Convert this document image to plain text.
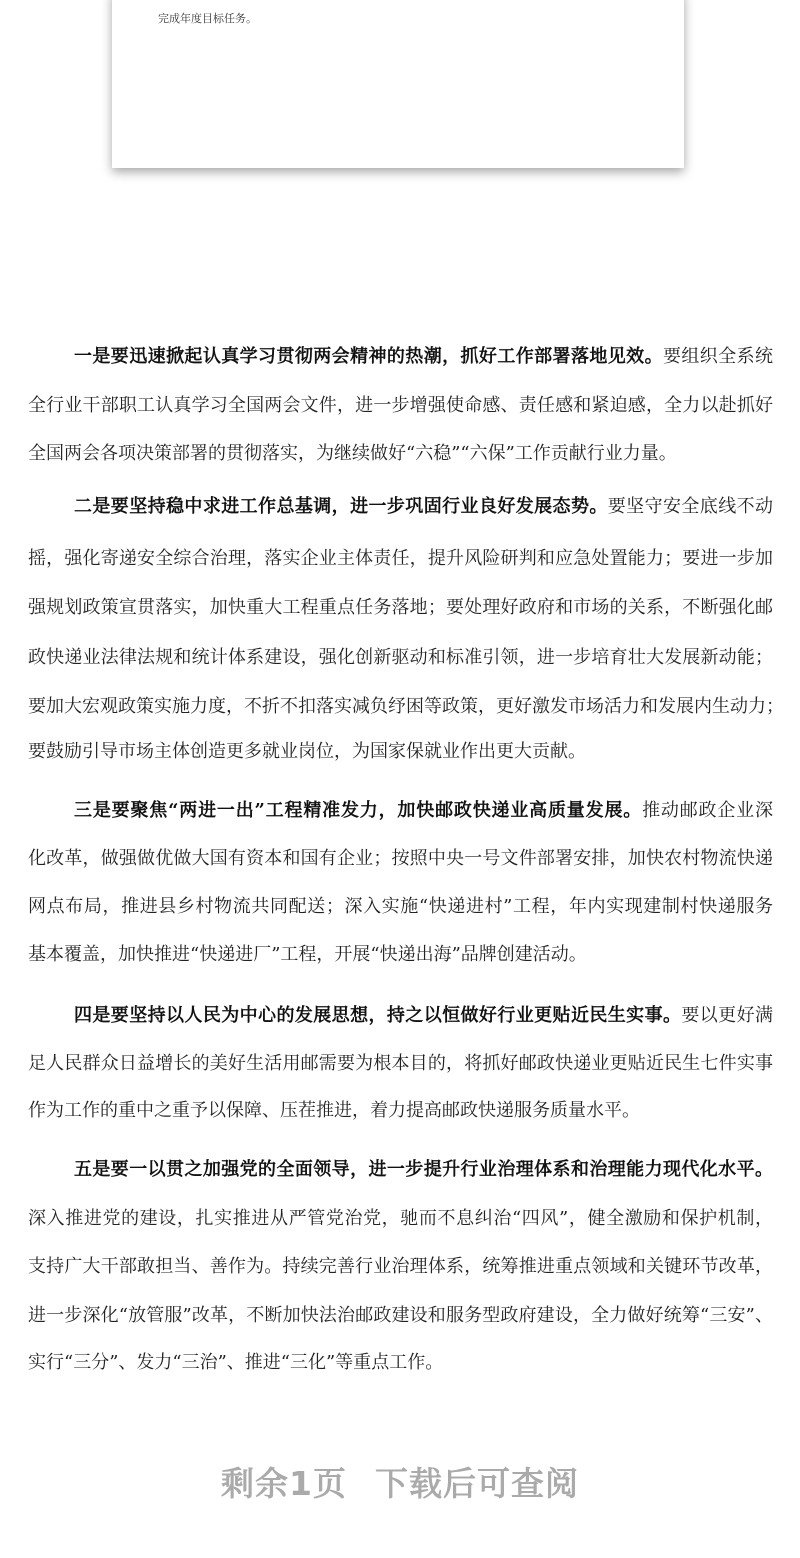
完成年度目标任务。
一是要迅速掀起认真学习贯彻两会精神的热潮，抓好工作部署落地见效。要组织全系统
全行业干部职工认真学习全国两会文件，进一步增强使命感、责任感和紧迫感，全力以赴抓好
全国两会各项决策部署的贯彻落实，为继续做好“六稳”“六保”工作贡献行业力量。
二是要坚持稳中求进工作总基调，进一步巩固行业良好发展态势。要坚守安全底线不动
摇，强化寄递安全综合治理，落实企业主体责任，提升风险研判和应急处置能力；要进一步加
强规划政策宣贯落实，加快重大工程重点任务落地；要处理好政府和市场的关系，不断强化邮
政快递业法律法规和统计体系建设，强化创新驱动和标准引领，进一步培育壮大发展新动能；
要加大宏观政策实施力度，不折不扣落实减负纾困等政策，更好激发市场活力和发展内生动力；
要鼓励引导市场主体创造更多就业岗位，为国家保就业作出更大贡献。
三是要聚焦“两进一出”工程精准发力，加快邮政快递业高质量发展。推动邮政企业深
化改革，做强做优做大国有资本和国有企业；按照中央一号文件部署安排，加快农村物流快递
网点布局，推进县乡村物流共同配送；深入实施“快递进村”工程，年内实现建制村快递服务
基本覆盖，加快推进“快递进厂”工程，开展“快递出海”品牌创建活动。
四是要坚持以人民为中心的发展思想，持之以恒做好行业更贴近民生实事。要以更好满
足人民群众日益增长的美好生活用邮需要为根本目的，将抓好邮政快递业更贴近民生七件实事
作为工作的重中之重予以保障、压茬推进，着力提高邮政快递服务质量水平。
五是要一以贯之加强党的全面领导，进一步提升行业治理体系和治理能力现代化水平。
深入推进党的建设，扎实推进从严管党治党，驰而不息纠治“四风”，健全激励和保护机制，
支持广大干部敢担当、善作为。持续完善行业治理体系，统筹推进重点领域和关键环节改革，
进一步深化“放管服”改革，不断加快法治邮政建设和服务型政府建设，全力做好统筹“三安”、
实行“三分”、发力“三治”、推进“三化”等重点工作。
剩余1页 下载后可查阅
